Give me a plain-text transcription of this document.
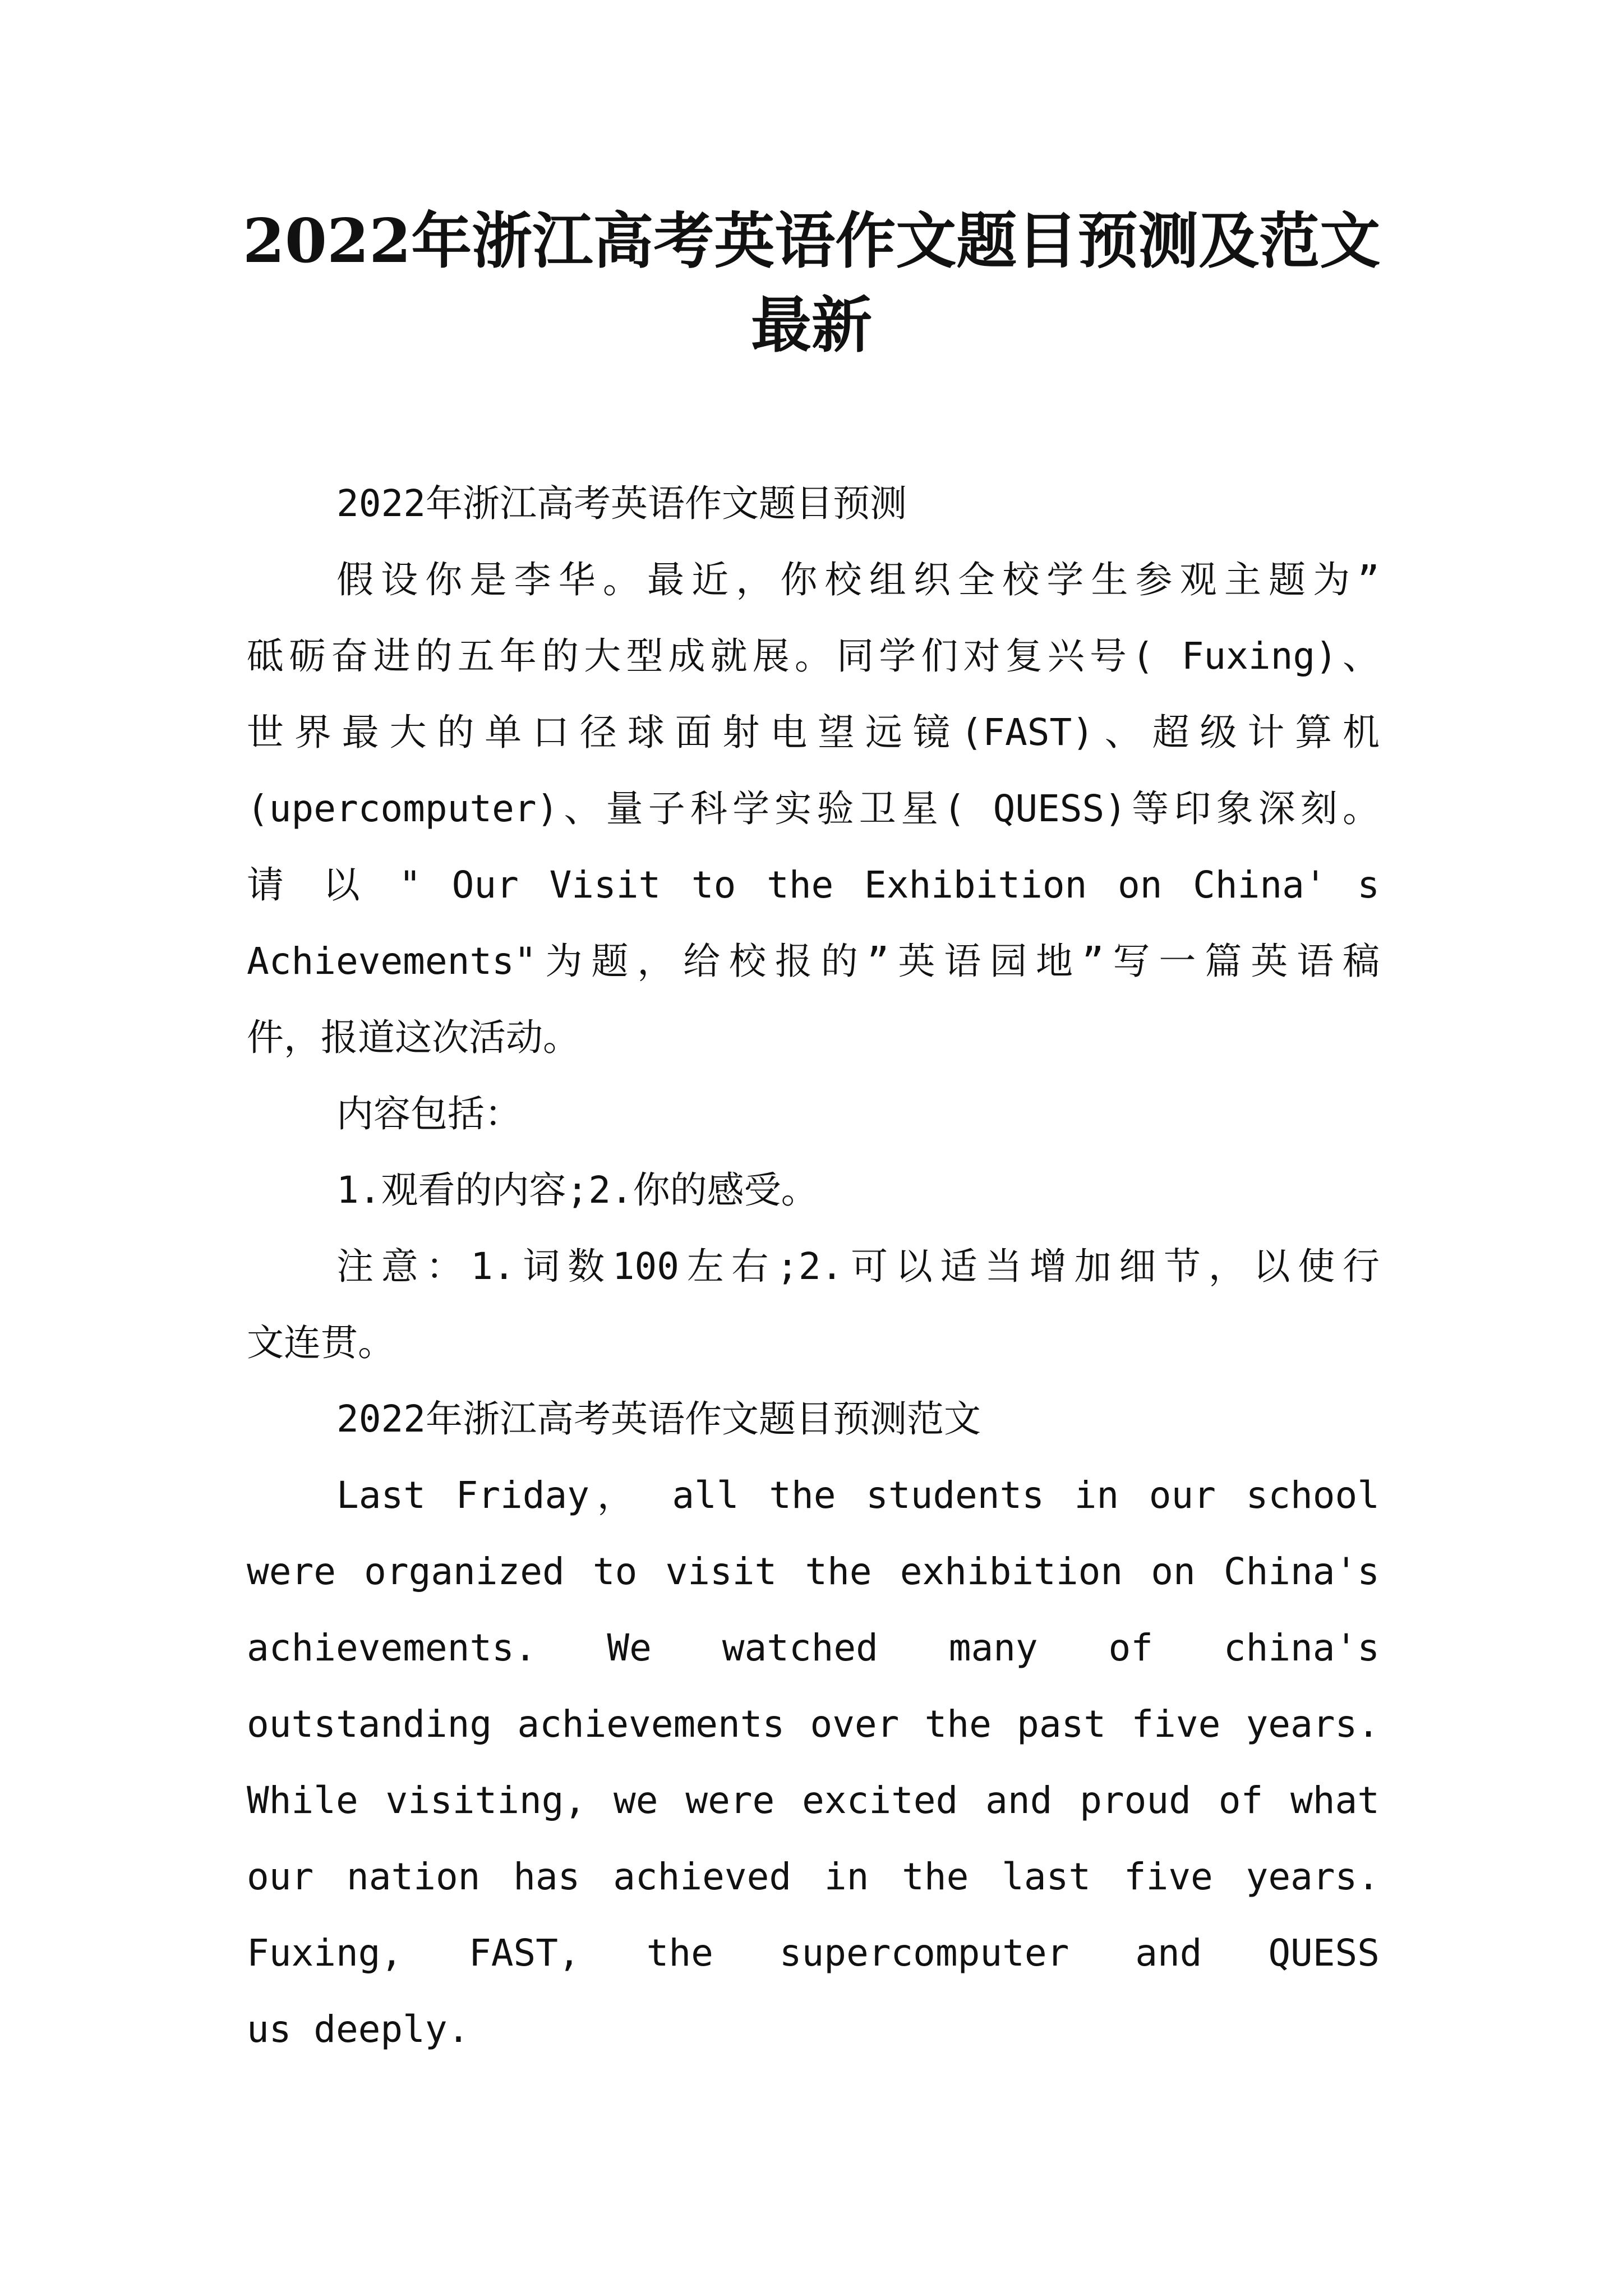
2022年浙江高考英语作文题目预测及范文
最新
2022年浙江高考英语作文题目预测
假设你是李华。最近，你校组织全校学生参观主题为”
砥砺奋进的五年的大型成就展。同学们对复兴号( Fuxing)、
世界最大的单口径球面射电望远镜(FAST)、超级计算机
(upercomputer)、量子科学实验卫星( QUESS)等印象深刻。
请 以 " Our Visit to the Exhibition on China' s
Achievements"为题，给校报的”英语园地”写一篇英语稿
件，报道这次活动。
内容包括：
1.观看的内容;2.你的感受。
注意：1.词数100左右;2.可以适当增加细节，以使行
文连贯。
2022年浙江高考英语作文题目预测范文
Last Friday， all the students in our school
were organized to visit the exhibition on China's
achievements. We watched many of china's
outstanding achievements over the past five years.
While visiting, we were excited and proud of what
our nation has achieved in the last five years.
Fuxing, FAST, the supercomputer and QUESS
us deeply.
